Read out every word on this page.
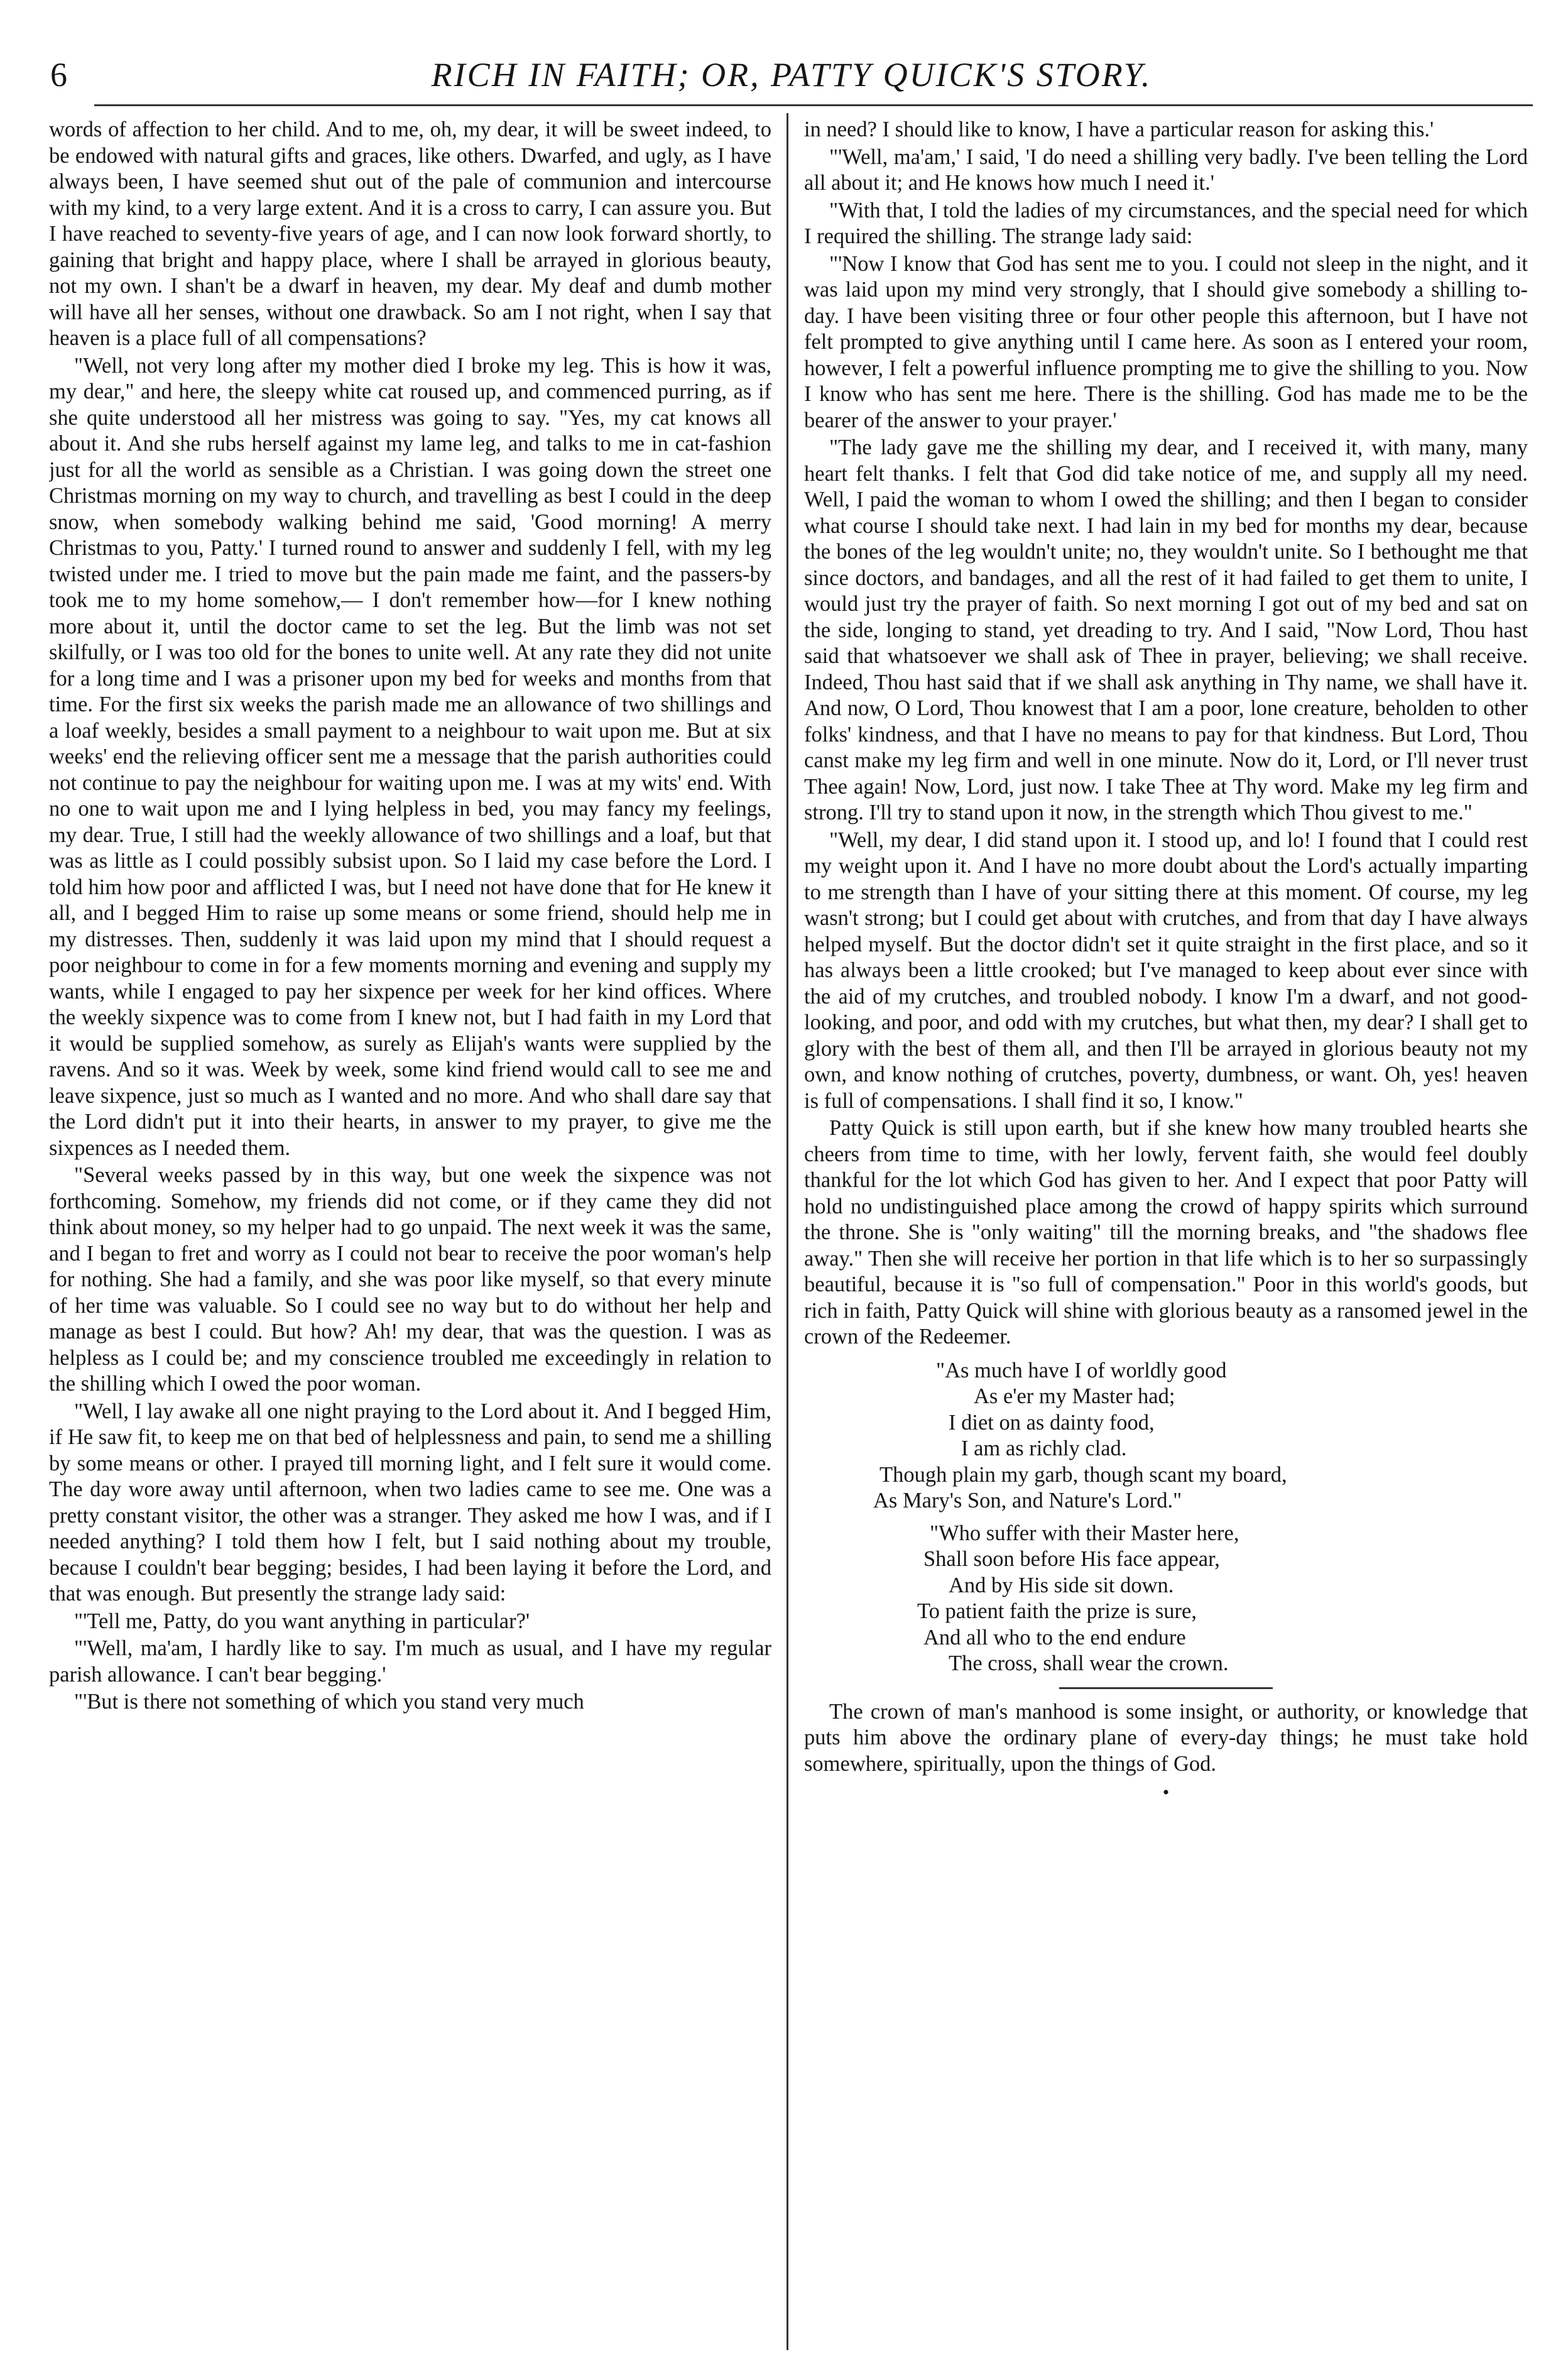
6	RICH IN FAITH; OR, PATTY QUICK'S STORY.

words of affection to her child. And to me, oh, my dear, it will be sweet indeed, to be endowed with natural gifts and graces, like others. Dwarfed, and ugly, as I have always been, I have seemed shut out of the pale of communion and intercourse with my kind, to a very large extent. And it is a cross to carry, I can assure you. But I have reached to seventy-five years of age, and I can now look forward shortly, to gaining that bright and happy place, where I shall be arrayed in glorious beauty, not my own. I shan't be a dwarf in heaven, my dear. My deaf and dumb mother will have all her senses, without one drawback. So am I not right, when I say that heaven is a place full of all compensations?

"Well, not very long after my mother died I broke my leg. This is how it was, my dear," and here, the sleepy white cat roused up, and commenced purring, as if she quite understood all her mistress was going to say. "Yes, my cat knows all about it. And she rubs herself against my lame leg, and talks to me in cat-fashion just for all the world as sensible as a Christian. I was going down the street one Christmas morning on my way to church, and travelling as best I could in the deep snow, when somebody walking behind me said, 'Good morning! A merry Christmas to you, Patty.' I turned round to answer and suddenly I fell, with my leg twisted under me. I tried to move but the pain made me faint, and the passers-by took me to my home somehow,— I don't remember how—for I knew nothing more about it, until the doctor came to set the leg. But the limb was not set skilfully, or I was too old for the bones to unite well. At any rate they did not unite for a long time and I was a prisoner upon my bed for weeks and months from that time. For the first six weeks the parish made me an allowance of two shillings and a loaf weekly, besides a small payment to a neighbour to wait upon me. But at six weeks' end the relieving officer sent me a message that the parish authorities could not continue to pay the neighbour for waiting upon me. I was at my wits' end. With no one to wait upon me and I lying helpless in bed, you may fancy my feelings, my dear. True, I still had the weekly allowance of two shillings and a loaf, but that was as little as I could possibly subsist upon. So I laid my case before the Lord. I told him how poor and afflicted I was, but I need not have done that for He knew it all, and I begged Him to raise up some means or some friend, should help me in my distresses. Then, suddenly it was laid upon my mind that I should request a poor neighbour to come in for a few moments morning and evening and supply my wants, while I engaged to pay her sixpence per week for her kind offices. Where the weekly sixpence was to come from I knew not, but I had faith in my Lord that it would be supplied somehow, as surely as Elijah's wants were supplied by the ravens. And so it was. Week by week, some kind friend would call to see me and leave sixpence, just so much as I wanted and no more. And who shall dare say that the Lord didn't put it into their hearts, in answer to my prayer, to give me the sixpences as I needed them.

"Several weeks passed by in this way, but one week the sixpence was not forthcoming. Somehow, my friends did not come, or if they came they did not think about money, so my helper had to go unpaid. The next week it was the same, and I began to fret and worry as I could not bear to receive the poor woman's help for nothing. She had a family, and she was poor like myself, so that every minute of her time was valuable. So I could see no way but to do without her help and manage as best I could. But how? Ah! my dear, that was the question. I was as helpless as I could be; and my conscience troubled me exceedingly in relation to the shilling which I owed the poor woman.

"Well, I lay awake all one night praying to the Lord about it. And I begged Him, if He saw fit, to keep me on that bed of helplessness and pain, to send me a shilling by some means or other. I prayed till morning light, and I felt sure it would come. The day wore away until afternoon, when two ladies came to see me. One was a pretty constant visitor, the other was a stranger. They asked me how I was, and if I needed anything? I told them how I felt, but I said nothing about my trouble, because I couldn't bear begging; besides, I had been laying it before the Lord, and that was enough. But presently the strange lady said:

"'Tell me, Patty, do you want anything in particular?'

"'Well, ma'am, I hardly like to say. I'm much as usual, and I have my regular parish allowance. I can't bear begging.'

"'But is there not something of which you stand very much

in need? I should like to know, I have a particular reason for asking this.'

"'Well, ma'am,' I said, 'I do need a shilling very badly. I've been telling the Lord all about it; and He knows how much I need it.'

"With that, I told the ladies of my circumstances, and the special need for which I required the shilling. The strange lady said:

"'Now I know that God has sent me to you. I could not sleep in the night, and it was laid upon my mind very strongly, that I should give somebody a shilling to-day. I have been visiting three or four other people this afternoon, but I have not felt prompted to give anything until I came here. As soon as I entered your room, however, I felt a powerful influence prompting me to give the shilling to you. Now I know who has sent me here. There is the shilling. God has made me to be the bearer of the answer to your prayer.'

"The lady gave me the shilling my dear, and I received it, with many, many heart felt thanks. I felt that God did take notice of me, and supply all my need. Well, I paid the woman to whom I owed the shilling; and then I began to consider what course I should take next. I had lain in my bed for months my dear, because the bones of the leg wouldn't unite; no, they wouldn't unite. So I bethought me that since doctors, and bandages, and all the rest of it had failed to get them to unite, I would just try the prayer of faith. So next morning I got out of my bed and sat on the side, longing to stand, yet dreading to try. And I said, "Now Lord, Thou hast said that whatsoever we shall ask of Thee in prayer, believing; we shall receive. Indeed, Thou hast said that if we shall ask anything in Thy name, we shall have it. And now, O Lord, Thou knowest that I am a poor, lone creature, beholden to other folks' kindness, and that I have no means to pay for that kindness. But Lord, Thou canst make my leg firm and well in one minute. Now do it, Lord, or I'll never trust Thee again! Now, Lord, just now. I take Thee at Thy word. Make my leg firm and strong. I'll try to stand upon it now, in the strength which Thou givest to me."

"Well, my dear, I did stand upon it. I stood up, and lo! I found that I could rest my weight upon it. And I have no more doubt about the Lord's actually imparting to me strength than I have of your sitting there at this moment. Of course, my leg wasn't strong; but I could get about with crutches, and from that day I have always helped myself. But the doctor didn't set it quite straight in the first place, and so it has always been a little crooked; but I've managed to keep about ever since with the aid of my crutches, and troubled nobody. I know I'm a dwarf, and not good-looking, and poor, and odd with my crutches, but what then, my dear? I shall get to glory with the best of them all, and then I'll be arrayed in glorious beauty not my own, and know nothing of crutches, poverty, dumbness, or want. Oh, yes! heaven is full of compensations. I shall find it so, I know."

Patty Quick is still upon earth, but if she knew how many troubled hearts she cheers from time to time, with her lowly, fervent faith, she would feel doubly thankful for the lot which God has given to her. And I expect that poor Patty will hold no undistinguished place among the crowd of happy spirits which surround the throne. She is "only waiting" till the morning breaks, and "the shadows flee away." Then she will receive her portion in that life which is to her so surpassingly beautiful, because it is "so full of compensation." Poor in this world's goods, but rich in faith, Patty Quick will shine with glorious beauty as a ransomed jewel in the crown of the Redeemer.

"As much have I of worldly good
As e'er my Master had;
I diet on as dainty food,
I am as richly clad.
Though plain my garb, though scant my board,
As Mary's Son, and Nature's Lord."
"Who suffer with their Master here,
Shall soon before His face appear,
And by His side sit down.
To patient faith the prize is sure,
And all who to the end endure
The cross, shall wear the crown.

The crown of man's manhood is some insight, or authority, or knowledge that puts him above the ordinary plane of every-day things; he must take hold somewhere, spiritually, upon the things of God.

•
